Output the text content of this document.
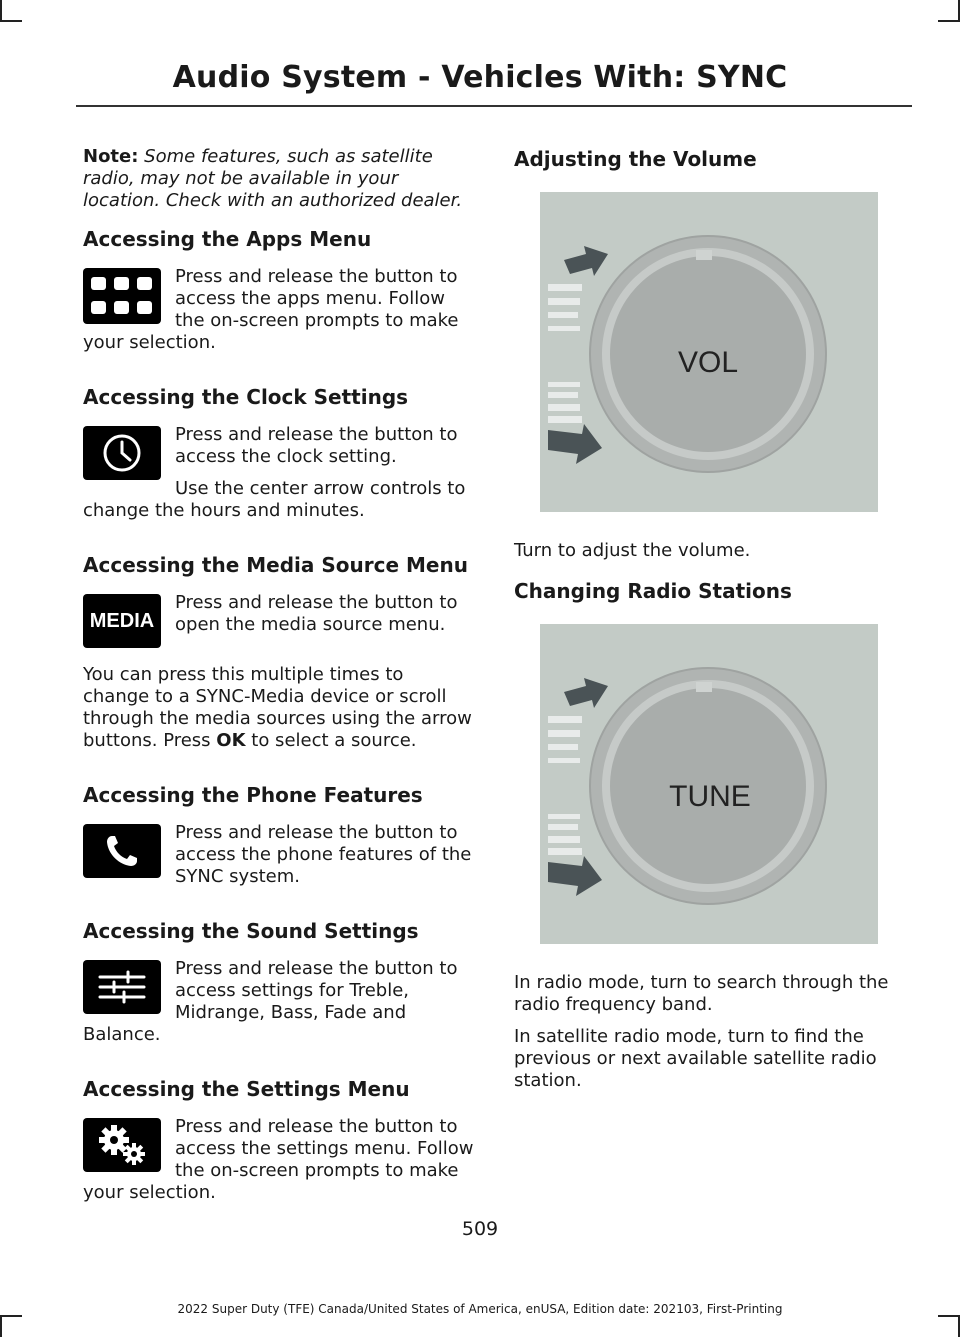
Audio System - Vehicles With: SYNC

Note: Some features, such as satellite radio, may not be available in your location. Check with an authorized dealer.

Accessing the Apps Menu

Press and release the button to access the apps menu. Follow the on-screen prompts to make your selection.

Accessing the Clock Settings

Press and release the button to access the clock setting.

Use the center arrow controls to change the hours and minutes.

Accessing the Media Source Menu
MEDIA

Press and release the button to open the media source menu.

You can press this multiple times to change to a SYNC-Media device or scroll through the media sources using the arrow buttons. Press OK to select a source.

Accessing the Phone Features

Press and release the button to access the phone features of the SYNC system.

Accessing the Sound Settings

Press and release the button to access settings for Treble, Midrange, Bass, Fade and Balance.

Accessing the Settings Menu

Press and release the button to access the settings menu. Follow the on-screen prompts to make your selection.

Adjusting the Volume
VOL

Turn to adjust the volume.

Changing Radio Stations
TUNE

In radio mode, turn to search through the radio frequency band.

In satellite radio mode, turn to find the previous or next available satellite radio station.

509
2022 Super Duty (TFE) Canada/United States of America, enUSA, Edition date: 202103, First-Printing
